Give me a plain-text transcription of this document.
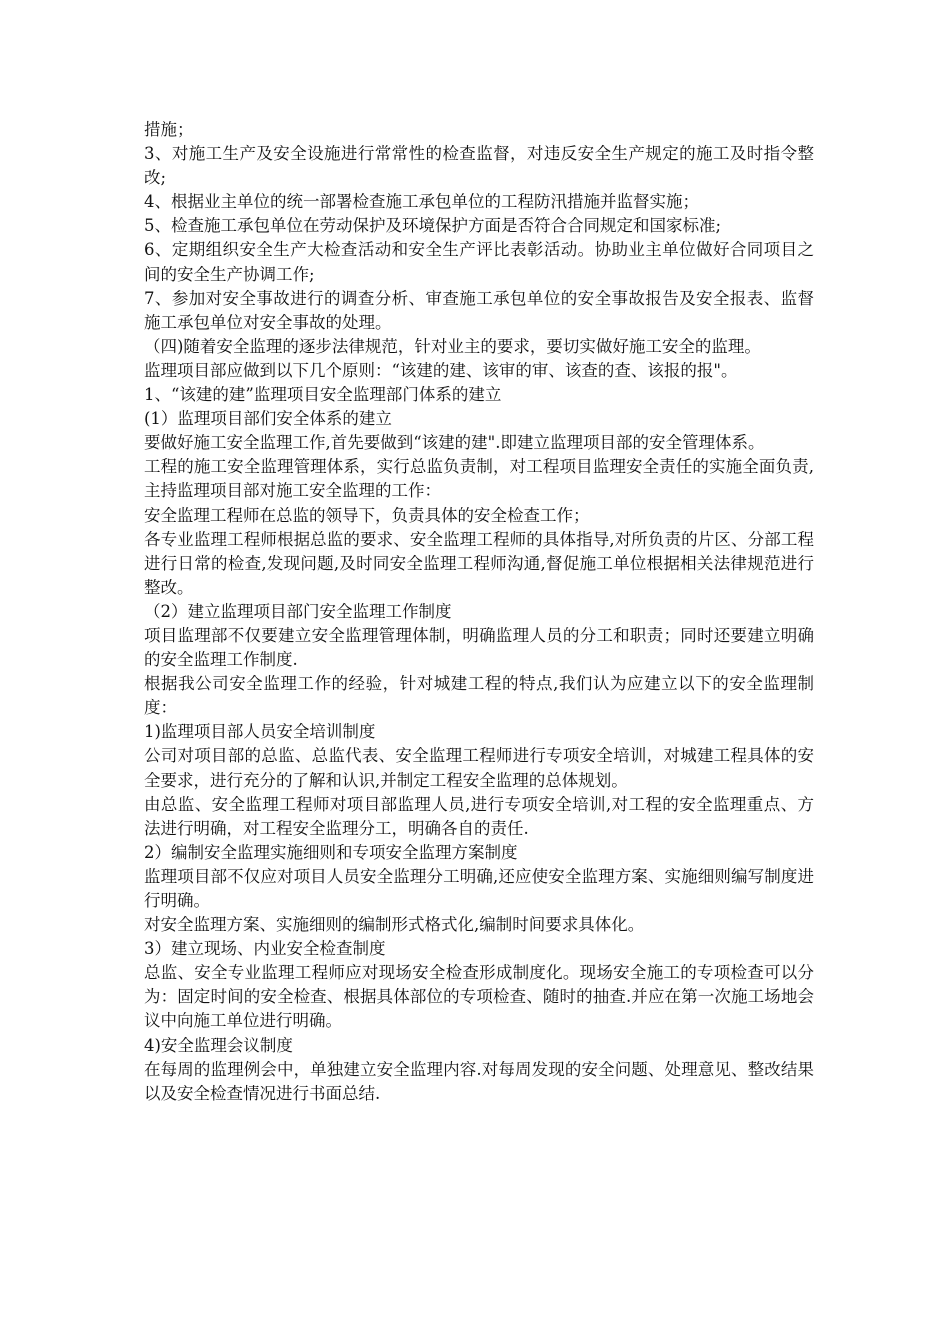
措施；

3、对施工生产及安全设施进行常常性的检查监督，对违反安全生产规定的施工及时指令整改;

4、根据业主单位的统一部署检查施工承包单位的工程防汛措施并监督实施；

5、检查施工承包单位在劳动保护及环境保护方面是否符合合同规定和国家标准;

6、定期组织安全生产大检查活动和安全生产评比表彰活动。协助业主单位做好合同项目之间的安全生产协调工作;

7、参加对安全事故进行的调查分析、审查施工承包单位的安全事故报告及安全报表、监督施工承包单位对安全事故的处理。

（四)随着安全监理的逐步法律规范，针对业主的要求，要切实做好施工安全的监理。

监理项目部应做到以下几个原则：“该建的建、该审的审、该查的查、该报的报"。

1、“该建的建”监理项目安全监理部门体系的建立

(1）监理项目部们安全体系的建立

要做好施工安全监理工作,首先要做到“该建的建".即建立监理项目部的安全管理体系。

工程的施工安全监理管理体系，实行总监负责制，对工程项目监理安全责任的实施全面负责,主持监理项目部对施工安全监理的工作：

安全监理工程师在总监的领导下，负责具体的安全检查工作；

各专业监理工程师根据总监的要求、安全监理工程师的具体指导,对所负责的片区、分部工程进行日常的检查,发现问题,及时同安全监理工程师沟通,督促施工单位根据相关法律规范进行整改。

（2）建立监理项目部门安全监理工作制度

项目监理部不仅要建立安全监理管理体制，明确监理人员的分工和职责；同时还要建立明确的安全监理工作制度.

根据我公司安全监理工作的经验，针对城建工程的特点,我们认为应建立以下的安全监理制度：

1)监理项目部人员安全培训制度

公司对项目部的总监、总监代表、安全监理工程师进行专项安全培训，对城建工程具体的安全要求，进行充分的了解和认识,并制定工程安全监理的总体规划。

由总监、安全监理工程师对项目部监理人员,进行专项安全培训,对工程的安全监理重点、方法进行明确，对工程安全监理分工，明确各自的责任.

2）编制安全监理实施细则和专项安全监理方案制度

监理项目部不仅应对项目人员安全监理分工明确,还应使安全监理方案、实施细则编写制度进行明确。

对安全监理方案、实施细则的编制形式格式化,编制时间要求具体化。

3）建立现场、内业安全检查制度

总监、安全专业监理工程师应对现场安全检查形成制度化。现场安全施工的专项检查可以分为：固定时间的安全检查、根据具体部位的专项检查、随时的抽查.并应在第一次施工场地会议中向施工单位进行明确。

4)安全监理会议制度

在每周的监理例会中，单独建立安全监理内容.对每周发现的安全问题、处理意见、整改结果以及安全检查情况进行书面总结.
